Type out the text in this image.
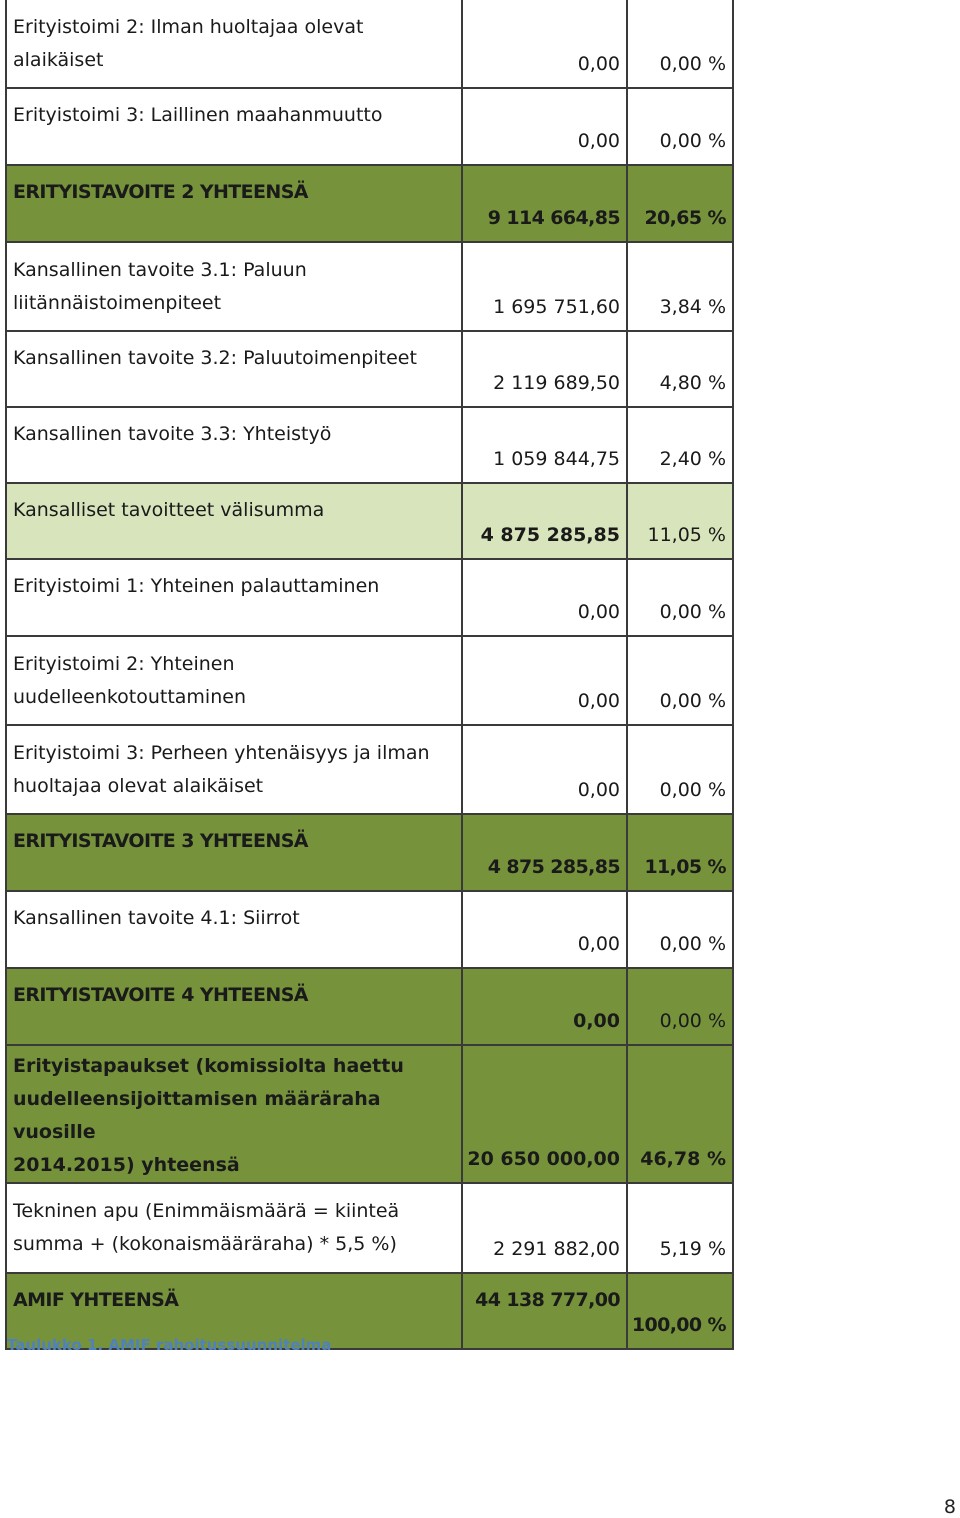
Erityistoimi 2: Ilman huoltajaa olevat
alaikäiset	0,00	0,00 %
Erityistoimi 3: Laillinen maahanmuutto	0,00	0,00 %
ERITYISTAVOITE 2 YHTEENSÄ	9 114 664,85	20,65 %
Kansallinen tavoite 3.1: Paluun
liitännäistoimenpiteet	1 695 751,60	3,84 %
Kansallinen tavoite 3.2: Paluutoimenpiteet	2 119 689,50	4,80 %
Kansallinen tavoite 3.3: Yhteistyö	1 059 844,75	2,40 %
Kansalliset tavoitteet välisumma	4 875 285,85	11,05 %
Erityistoimi 1: Yhteinen palauttaminen	0,00	0,00 %
Erityistoimi 2: Yhteinen
uudelleenkotouttaminen	0,00	0,00 %
Erityistoimi 3: Perheen yhtenäisyys ja ilman
huoltajaa olevat alaikäiset	0,00	0,00 %
ERITYISTAVOITE 3 YHTEENSÄ	4 875 285,85	11,05 %
Kansallinen tavoite 4.1: Siirrot	0,00	0,00 %
ERITYISTAVOITE 4 YHTEENSÄ	0,00	0,00 %
Erityistapaukset (komissiolta haettu
uudelleensijoittamisen määräraha vuosille
2014.2015) yhteensä	20 650 000,00	46,78 %
Tekninen apu (Enimmäismäärä = kiinteä
summa + (kokonaismääräraha) * 5,5 %)	2 291 882,00	5,19 %
AMIF YHTEENSÄ	44 138 777,00	100,00 %
Taulukko 1. AMIF rahoitussuunnitelma
8
